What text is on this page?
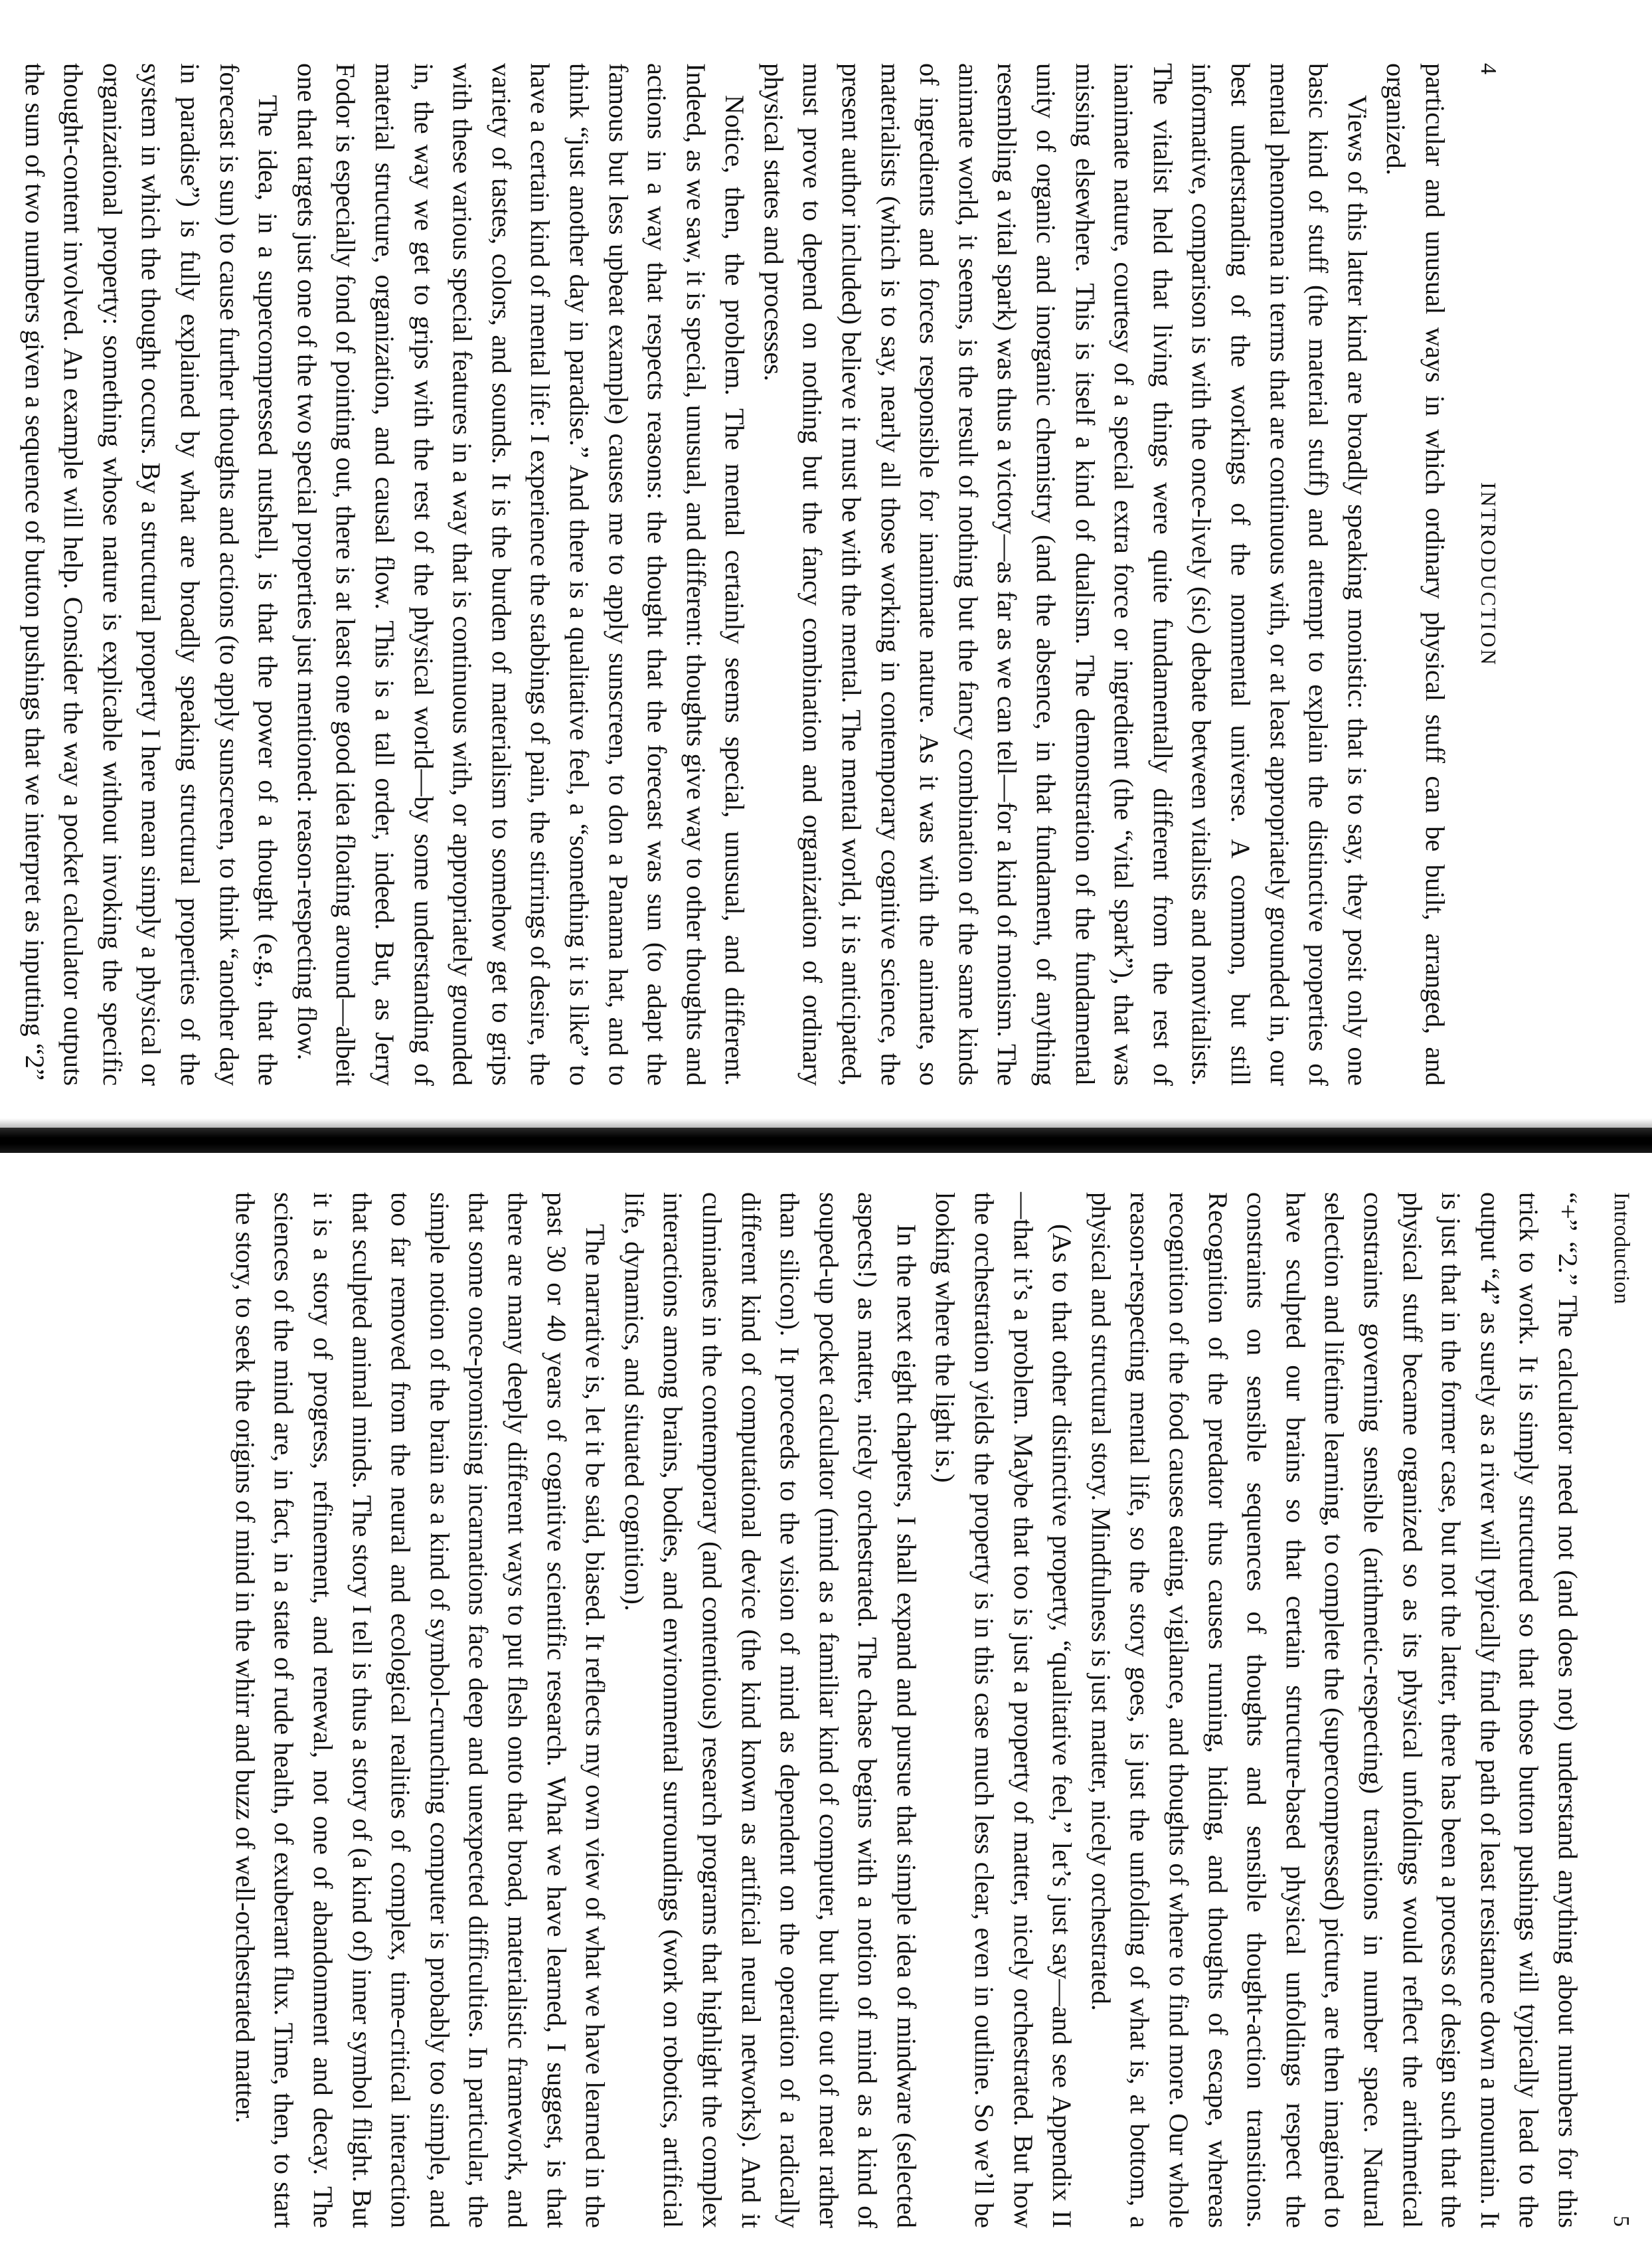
4
INTRODUCTION

particular and unusual ways in which ordinary physical stuff can be built, arranged, and organized.

Views of this latter kind are broadly speaking monistic: that is to say, they posit only one basic kind of stuff (the material stuff) and attempt to explain the distinctive properties of mental phenomena in terms that are continuous with, or at least appropriately grounded in, our best understanding of the workings of the nonmental universe. A common, but still informative, comparison is with the once-lively (sic) debate between vitalists and nonvitalists. The vitalist held that living things were quite fundamentally different from the rest of inanimate nature, courtesy of a special extra force or ingredient (the “vital spark”), that was missing elsewhere. This is itself a kind of dualism. The demonstration of the fundamental unity of organic and inorganic chemistry (and the absence, in that fundament, of anything resembling a vital spark) was thus a victory—as far as we can tell—for a kind of monism. The animate world, it seems, is the result of nothing but the fancy combination of the same kinds of ingredients and forces responsible for inanimate nature. As it was with the animate, so materialists (which is to say, nearly all those working in contemporary cognitive science, the present author included) believe it must be with the mental. The mental world, it is anticipated, must prove to depend on nothing but the fancy combination and organization of ordinary physical states and processes.

Notice, then, the problem. The mental certainly seems special, unusual, and different. Indeed, as we saw, it is special, unusual, and different: thoughts give way to other thoughts and actions in a way that respects reasons: the thought that the forecast was sun (to adapt the famous but less upbeat example) causes me to apply sunscreen, to don a Panama hat, and to think “just another day in paradise.” And there is a qualitative feel, a “something it is like” to have a certain kind of mental life: I experience the stabbings of pain, the stirrings of desire, the variety of tastes, colors, and sounds. It is the burden of materialism to somehow get to grips with these various special features in a way that is continuous with, or appropriately grounded in, the way we get to grips with the rest of the physical world—by some understanding of material structure, organization, and causal flow. This is a tall order, indeed. But, as Jerry Fodor is especially fond of pointing out, there is at least one good idea floating around—albeit one that targets just one of the two special properties just mentioned: reason-respecting flow.

The idea, in a supercompressed nutshell, is that the power of a thought (e.g., that the forecast is sun) to cause further thoughts and actions (to apply sunscreen, to think “another day in paradise”) is fully explained by what are broadly speaking structural properties of the system in which the thought occurs. By a structural property I here mean simply a physical or organizational property: something whose nature is explicable without invoking the specific thought-content involved. An example will help. Consider the way a pocket calculator outputs the sum of two numbers given a sequence of button pushings that we interpret as inputting “2”

Introduction
5

“+” “2.” The calculator need not (and does not) understand anything about numbers for this trick to work. It is simply structured so that those button pushings will typically lead to the output “4” as surely as a river will typically find the path of least resistance down a mountain. It is just that in the former case, but not the latter, there has been a process of design such that the physical stuff became organized so as its physical unfoldings would reflect the arithmetical constraints governing sensible (arithmetic-respecting) transitions in number space. Natural selection and lifetime learning, to complete the (supercompressed) picture, are then imagined to have sculpted our brains so that certain structure-based physical unfoldings respect the constraints on sensible sequences of thoughts and sensible thought-action transitions. Recognition of the predator thus causes running, hiding, and thoughts of escape, whereas recognition of the food causes eating, vigilance, and thoughts of where to find more. Our whole reason-respecting mental life, so the story goes, is just the unfolding of what is, at bottom, a physical and structural story. Mindfulness is just matter, nicely orchestrated.

(As to that other distinctive property, “qualitative feel,” let’s just say—and see Appendix II—that it’s a problem. Maybe that too is just a property of matter, nicely orchestrated. But how the orchestration yields the property is in this case much less clear, even in outline. So we’ll be looking where the light is.)

In the next eight chapters, I shall expand and pursue that simple idea of mindware (selected aspects!) as matter, nicely orchestrated. The chase begins with a notion of mind as a kind of souped-up pocket calculator (mind as a familiar kind of computer, but built out of meat rather than silicon). It proceeds to the vision of mind as dependent on the operation of a radically different kind of computational device (the kind known as artificial neural networks). And it culminates in the contemporary (and contentious) research programs that highlight the complex interactions among brains, bodies, and environmental surroundings (work on robotics, artificial life, dynamics, and situated cognition).

The narrative is, let it be said, biased. It reflects my own view of what we have learned in the past 30 or 40 years of cognitive scientific research. What we have learned, I suggest, is that there are many deeply different ways to put flesh onto that broad, materialistic framework, and that some once-promising incarnations face deep and unexpected difficulties. In particular, the simple notion of the brain as a kind of symbol-crunching computer is probably too simple, and too far removed from the neural and ecological realities of complex, time-critical interaction that sculpted animal minds. The story I tell is thus a story of (a kind of) inner symbol flight. But it is a story of progress, refinement, and renewal, not one of abandonment and decay. The sciences of the mind are, in fact, in a state of rude health, of exuberant flux. Time, then, to start the story, to seek the origins of mind in the whirr and buzz of well-orchestrated matter.
